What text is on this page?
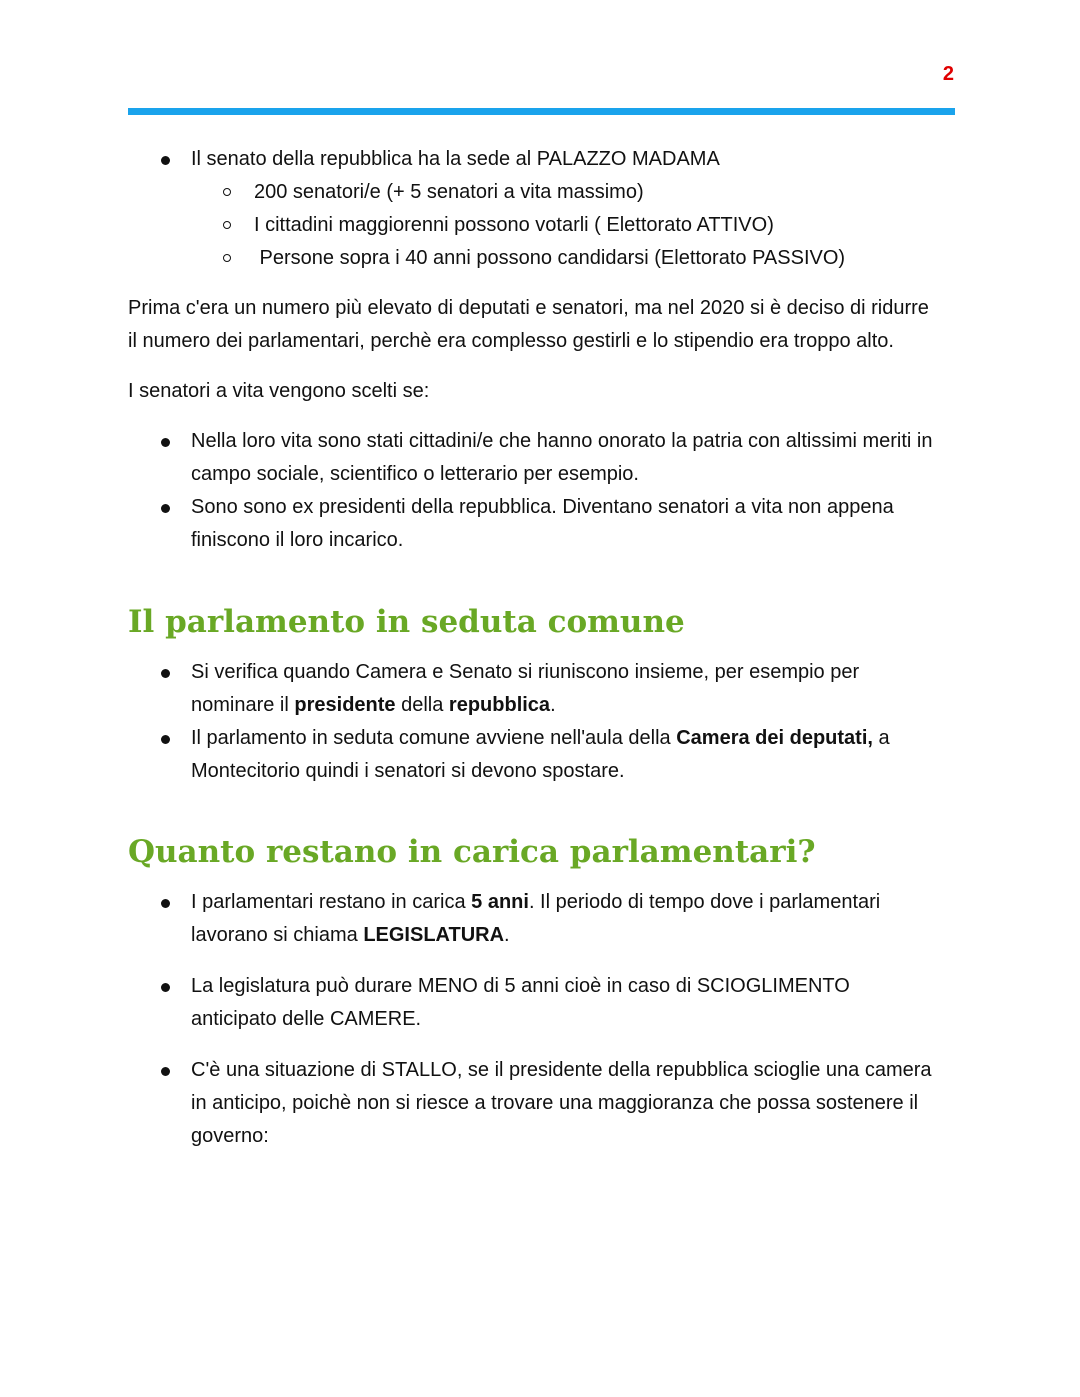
2
Il senato della repubblica ha la sede al PALAZZO MADAMA
200 senatori/e (+ 5 senatori a vita massimo)
I cittadini maggiorenni possono votarli ( Elettorato ATTIVO)
Persone sopra i 40 anni possono candidarsi (Elettorato PASSIVO)

Prima c'era un numero più elevato di deputati e senatori, ma nel 2020 si è deciso di ridurre il numero dei parlamentari, perchè era complesso gestirli e lo stipendio era troppo alto.

I senatori a vita vengono scelti se:

Nella loro vita sono stati cittadini/e che hanno onorato la patria con altissimi meriti in campo sociale, scientifico o letterario per esempio.
Sono sono ex presidenti della repubblica. Diventano senatori a vita non appena finiscono il loro incarico.
Il parlamento in seduta comune
Si verifica quando Camera e Senato si riuniscono insieme, per esempio per nominare il presidente della repubblica.
Il parlamento in seduta comune avviene nell'aula della Camera dei deputati, a Montecitorio quindi i senatori si devono spostare.
Quanto restano in carica parlamentari?
I parlamentari restano in carica 5 anni. Il periodo di tempo dove i parlamentari lavorano si chiama LEGISLATURA.
La legislatura può durare MENO di 5 anni cioè in caso di SCIOGLIMENTO anticipato delle CAMERE.
C'è una situazione di STALLO, se il presidente della repubblica scioglie una camera in anticipo, poichè non si riesce a trovare una maggioranza che possa sostenere il governo:
